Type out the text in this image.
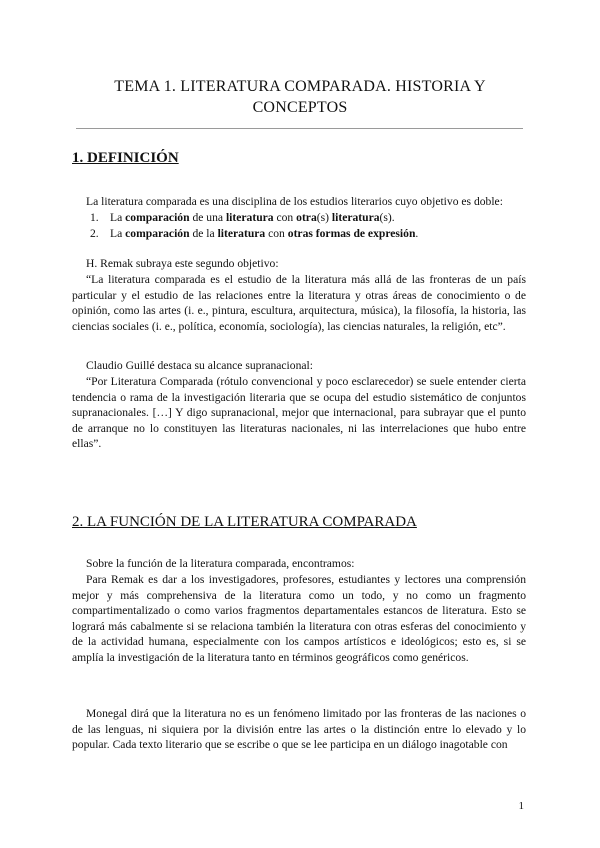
TEMA 1. LITERATURA COMPARADA. HISTORIA Y CONCEPTOS
1. DEFINICIÓN
La literatura comparada es una disciplina de los estudios literarios cuyo objetivo es doble:
1. La comparación de una literatura con otra(s) literatura(s).
2. La comparación de la literatura con otras formas de expresión.
H. Remak subraya este segundo objetivo:
“La literatura comparada es el estudio de la literatura más allá de las fronteras de un país particular y el estudio de las relaciones entre la literatura y otras áreas de conocimiento o de opinión, como las artes (i. e., pintura, escultura, arquitectura, música), la filosofía, la historia, las ciencias sociales (i. e., política, economía, sociología), las ciencias naturales, la religión, etc”.
Claudio Guillé destaca su alcance supranacional:
“Por Literatura Comparada (rótulo convencional y poco esclarecedor) se suele entender cierta tendencia o rama de la investigación literaria que se ocupa del estudio sistemático de conjuntos supranacionales. […] Y digo supranacional, mejor que internacional, para subrayar que el punto de arranque no lo constituyen las literaturas nacionales, ni las interrelaciones que hubo entre ellas”.
2. LA FUNCIÓN DE LA LITERATURA COMPARADA
Sobre la función de la literatura comparada, encontramos:
Para Remak es dar a los investigadores, profesores, estudiantes y lectores una comprensión mejor y más comprehensiva de la literatura como un todo, y no como un fragmento compartimentalizado o como varios fragmentos departamentales estancos de literatura. Esto se logrará más cabalmente si se relaciona también la literatura con otras esferas del conocimiento y de la actividad humana, especialmente con los campos artísticos e ideológicos; esto es, si se amplía la investigación de la literatura tanto en términos geográficos como genéricos.
Monegal dirá que la literatura no es un fenómeno limitado por las fronteras de las naciones o de las lenguas, ni siquiera por la división entre las artes o la distinción entre lo elevado y lo popular. Cada texto literario que se escribe o que se lee participa en un diálogo inagotable con
1
